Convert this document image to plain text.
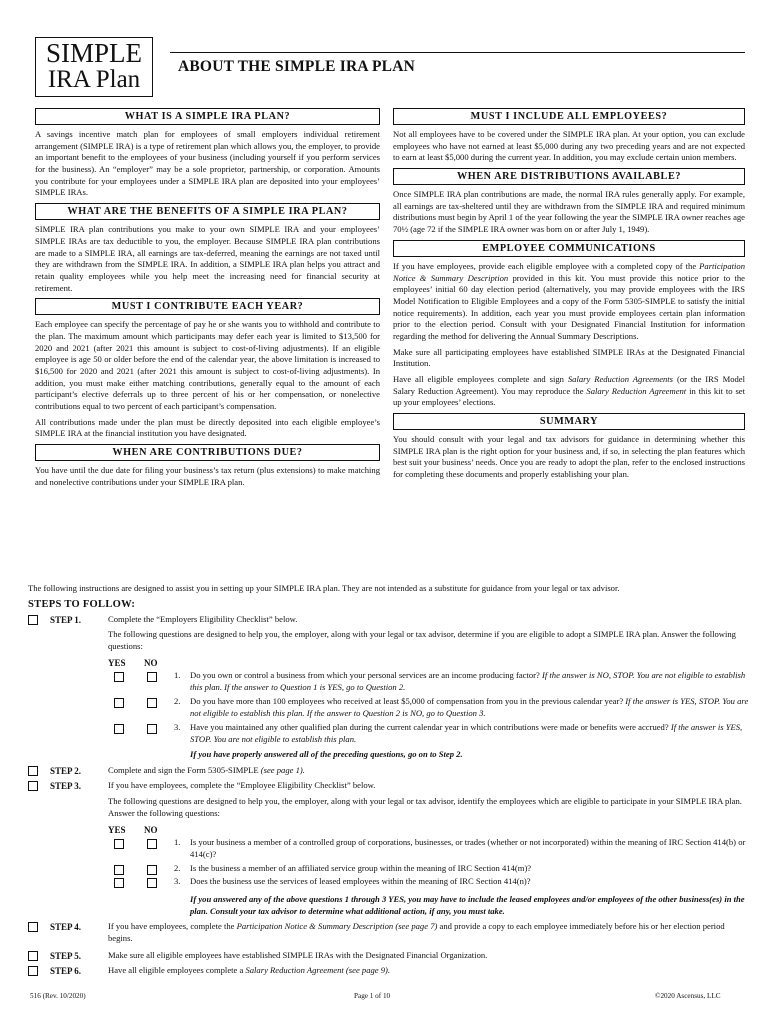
SIMPLE
IRA Plan	ABOUT THE SIMPLE IRA PLAN
WHAT IS A SIMPLE IRA PLAN?
A savings incentive match plan for employees of small employers individual retirement arrangement (SIMPLE IRA) is a type of retirement plan which allows you, the employer, to provide an important benefit to the employees of your business (including yourself if you perform services for the business). An “employer” may be a sole proprietor, partnership, or corporation. Amounts you contribute for your employees under a SIMPLE IRA plan are deposited into your employees’ SIMPLE IRAs.
WHAT ARE THE BENEFITS OF A SIMPLE IRA PLAN?
SIMPLE IRA plan contributions you make to your own SIMPLE IRA and your employees’ SIMPLE IRAs are tax deductible to you, the employer. Because SIMPLE IRA plan contributions are made to a SIMPLE IRA, all earnings are tax-deferred, meaning the earnings are not taxed until they are withdrawn from the SIMPLE IRA. In addition, a SIMPLE IRA plan helps you attract and retain quality employees while you help meet the increasing need for financial security at retirement.
MUST I CONTRIBUTE EACH YEAR?
Each employee can specify the percentage of pay he or she wants you to withhold and contribute to the plan. The maximum amount which participants may defer each year is limited to $13,500 for 2020 and 2021 (after 2021 this amount is subject to cost-of-living adjustments). If an eligible employee is age 50 or older before the end of the calendar year, the above limitation is increased to $16,500 for 2020 and 2021 (after 2021 this amount is subject to cost-of-living adjustments). In addition, you must make either matching contributions, generally equal to the amount of each participant’s elective deferrals up to three percent of his or her compensation, or nonelective contributions equal to two percent of each participant’s compensation.
All contributions made under the plan must be directly deposited into each eligible employee’s SIMPLE IRA at the financial institution you have designated.
WHEN ARE CONTRIBUTIONS DUE?
You have until the due date for filing your business’s tax return (plus extensions) to make matching and nonelective contributions under your SIMPLE IRA plan.
MUST I INCLUDE ALL EMPLOYEES?
Not all employees have to be covered under the SIMPLE IRA plan. At your option, you can exclude employees who have not earned at least $5,000 during any two preceding years and are not expected to earn at least $5,000 during the current year. In addition, you may exclude certain union members.
WHEN ARE DISTRIBUTIONS AVAILABLE?
Once SIMPLE IRA plan contributions are made, the normal IRA rules generally apply. For example, all earnings are tax-sheltered until they are withdrawn from the SIMPLE IRA and required minimum distributions must begin by April 1 of the year following the year the SIMPLE IRA owner reaches age 70½ (age 72 if the SIMPLE IRA owner was born on or after July 1, 1949).
EMPLOYEE COMMUNICATIONS
If you have employees, provide each eligible employee with a completed copy of the Participation Notice & Summary Description provided in this kit. You must provide this notice prior to the employees’ initial 60 day election period (alternatively, you may provide employees with the IRS Model Notification to Eligible Employees and a copy of the Form 5305-SIMPLE to satisfy the initial notice requirements). In addition, each year you must provide employees certain plan information prior to the election period. Consult with your Designated Financial Institution for information regarding the method for delivering the Annual Summary Descriptions.
Make sure all participating employees have established SIMPLE IRAs at the Designated Financial Institution.
Have all eligible employees complete and sign Salary Reduction Agreements (or the IRS Model Salary Reduction Agreement). You may reproduce the Salary Reduction Agreement in this kit to set up your employees’ elections.
SUMMARY
You should consult with your legal and tax advisors for guidance in determining whether this SIMPLE IRA plan is the right option for your business and, if so, in selecting the plan features which best suit your business’ needs. Once you are ready to adopt the plan, refer to the enclosed instructions for completing these documents and properly establishing your plan.
The following instructions are designed to assist you in setting up your SIMPLE IRA plan. They are not intended as a substitute for guidance from your legal or tax advisor.
STEPS TO FOLLOW:
STEP 1.	Complete the “Employers Eligibility Checklist” below.
The following questions are designed to help you, the employer, along with your legal or tax advisor, determine if you are eligible to adopt a SIMPLE IRA plan. Answer the following questions:
YES NO
1. Do you own or control a business from which your personal services are an income producing factor? If the answer is NO, STOP. You are not eligible to establish this plan. If the answer to Question 1 is YES, go to Question 2.
2. Do you have more than 100 employees who received at least $5,000 of compensation from you in the previous calendar year? If the answer is YES, STOP. You are not eligible to establish this plan. If the answer to Question 2 is NO, go to Question 3.
3. Have you maintained any other qualified plan during the current calendar year in which contributions were made or benefits were accrued? If the answer is YES, STOP. You are not eligible to establish this plan.
If you have properly answered all of the preceding questions, go on to Step 2.
STEP 2.	Complete and sign the Form 5305-SIMPLE (see page 1).
STEP 3.	If you have employees, complete the “Employee Eligibility Checklist” below.
The following questions are designed to help you, the employer, along with your legal or tax advisor, identify the employees which are eligible to participate in your SIMPLE IRA plan. Answer the following questions:
YES NO
1. Is your business a member of a controlled group of corporations, businesses, or trades (whether or not incorporated) within the meaning of IRC Section 414(b) or 414(c)?
2. Is the business a member of an affiliated service group within the meaning of IRC Section 414(m)?
3. Does the business use the services of leased employees within the meaning of IRC Section 414(n)?
If you answered any of the above questions 1 through 3 YES, you may have to include the leased employees and/or employees of the other business(es) in the plan. Consult your tax advisor to determine what additional action, if any, you must take.
STEP 4.	If you have employees, complete the Participation Notice & Summary Description (see page 7) and provide a copy to each employee immediately before his or her election period begins.
STEP 5.	Make sure all eligible employees have established SIMPLE IRAs with the Designated Financial Organization.
STEP 6.	Have all eligible employees complete a Salary Reduction Agreement (see page 9).
516 (Rev. 10/2020)	Page 1 of 10	©2020 Ascensus, LLC
